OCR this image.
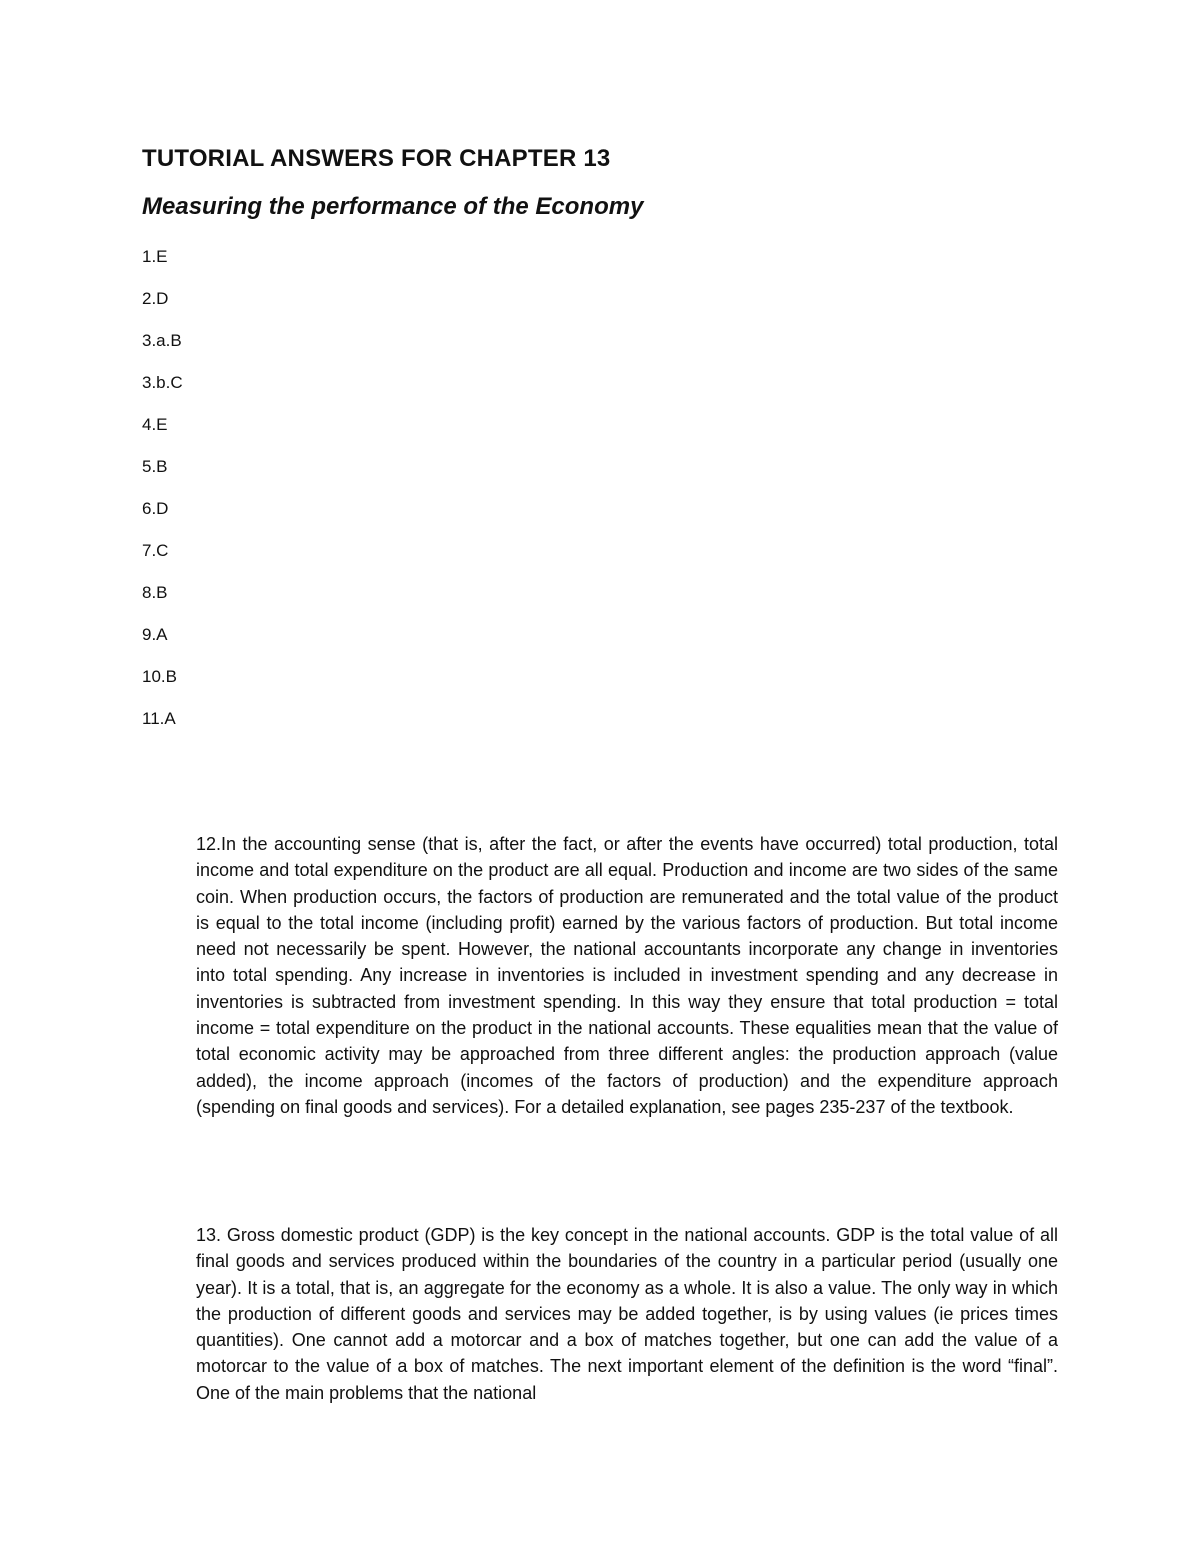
TUTORIAL ANSWERS FOR CHAPTER 13
Measuring the performance of the Economy
1.E
2.D
3.a.B
3.b.C
4.E
5.B
6.D
7.C
8.B
9.A
10.B
11.A

12.In the accounting sense (that is, after the fact, or after the events have occurred) total production, total income and total expenditure on the product are all equal. Production and income are two sides of the same coin. When production occurs, the factors of production are remunerated and the total value of the product is equal to the total income (including profit) earned by the various factors of production. But total income need not necessarily be spent. However, the national accountants incorporate any change in inventories into total spending. Any increase in inventories is included in investment spending and any decrease in inventories is subtracted from investment spending. In this way they ensure that total production = total income = total expenditure on the product in the national accounts. These equalities mean that the value of total economic activity may be approached from three different angles: the production approach (value added), the income approach (incomes of the factors of production) and the expenditure approach (spending on final goods and services). For a detailed explanation, see pages 235-237 of the textbook.

13. Gross domestic product (GDP) is the key concept in the national accounts. GDP is the total value of all final goods and services produced within the boundaries of the country in a particular period (usually one year). It is a total, that is, an aggregate for the economy as a whole. It is also a value. The only way in which the production of different goods and services may be added together, is by using values (ie prices times quantities). One cannot add a motorcar and a box of matches together, but one can add the value of a motorcar to the value of a box of matches. The next important element of the definition is the word “final”. One of the main problems that the national
